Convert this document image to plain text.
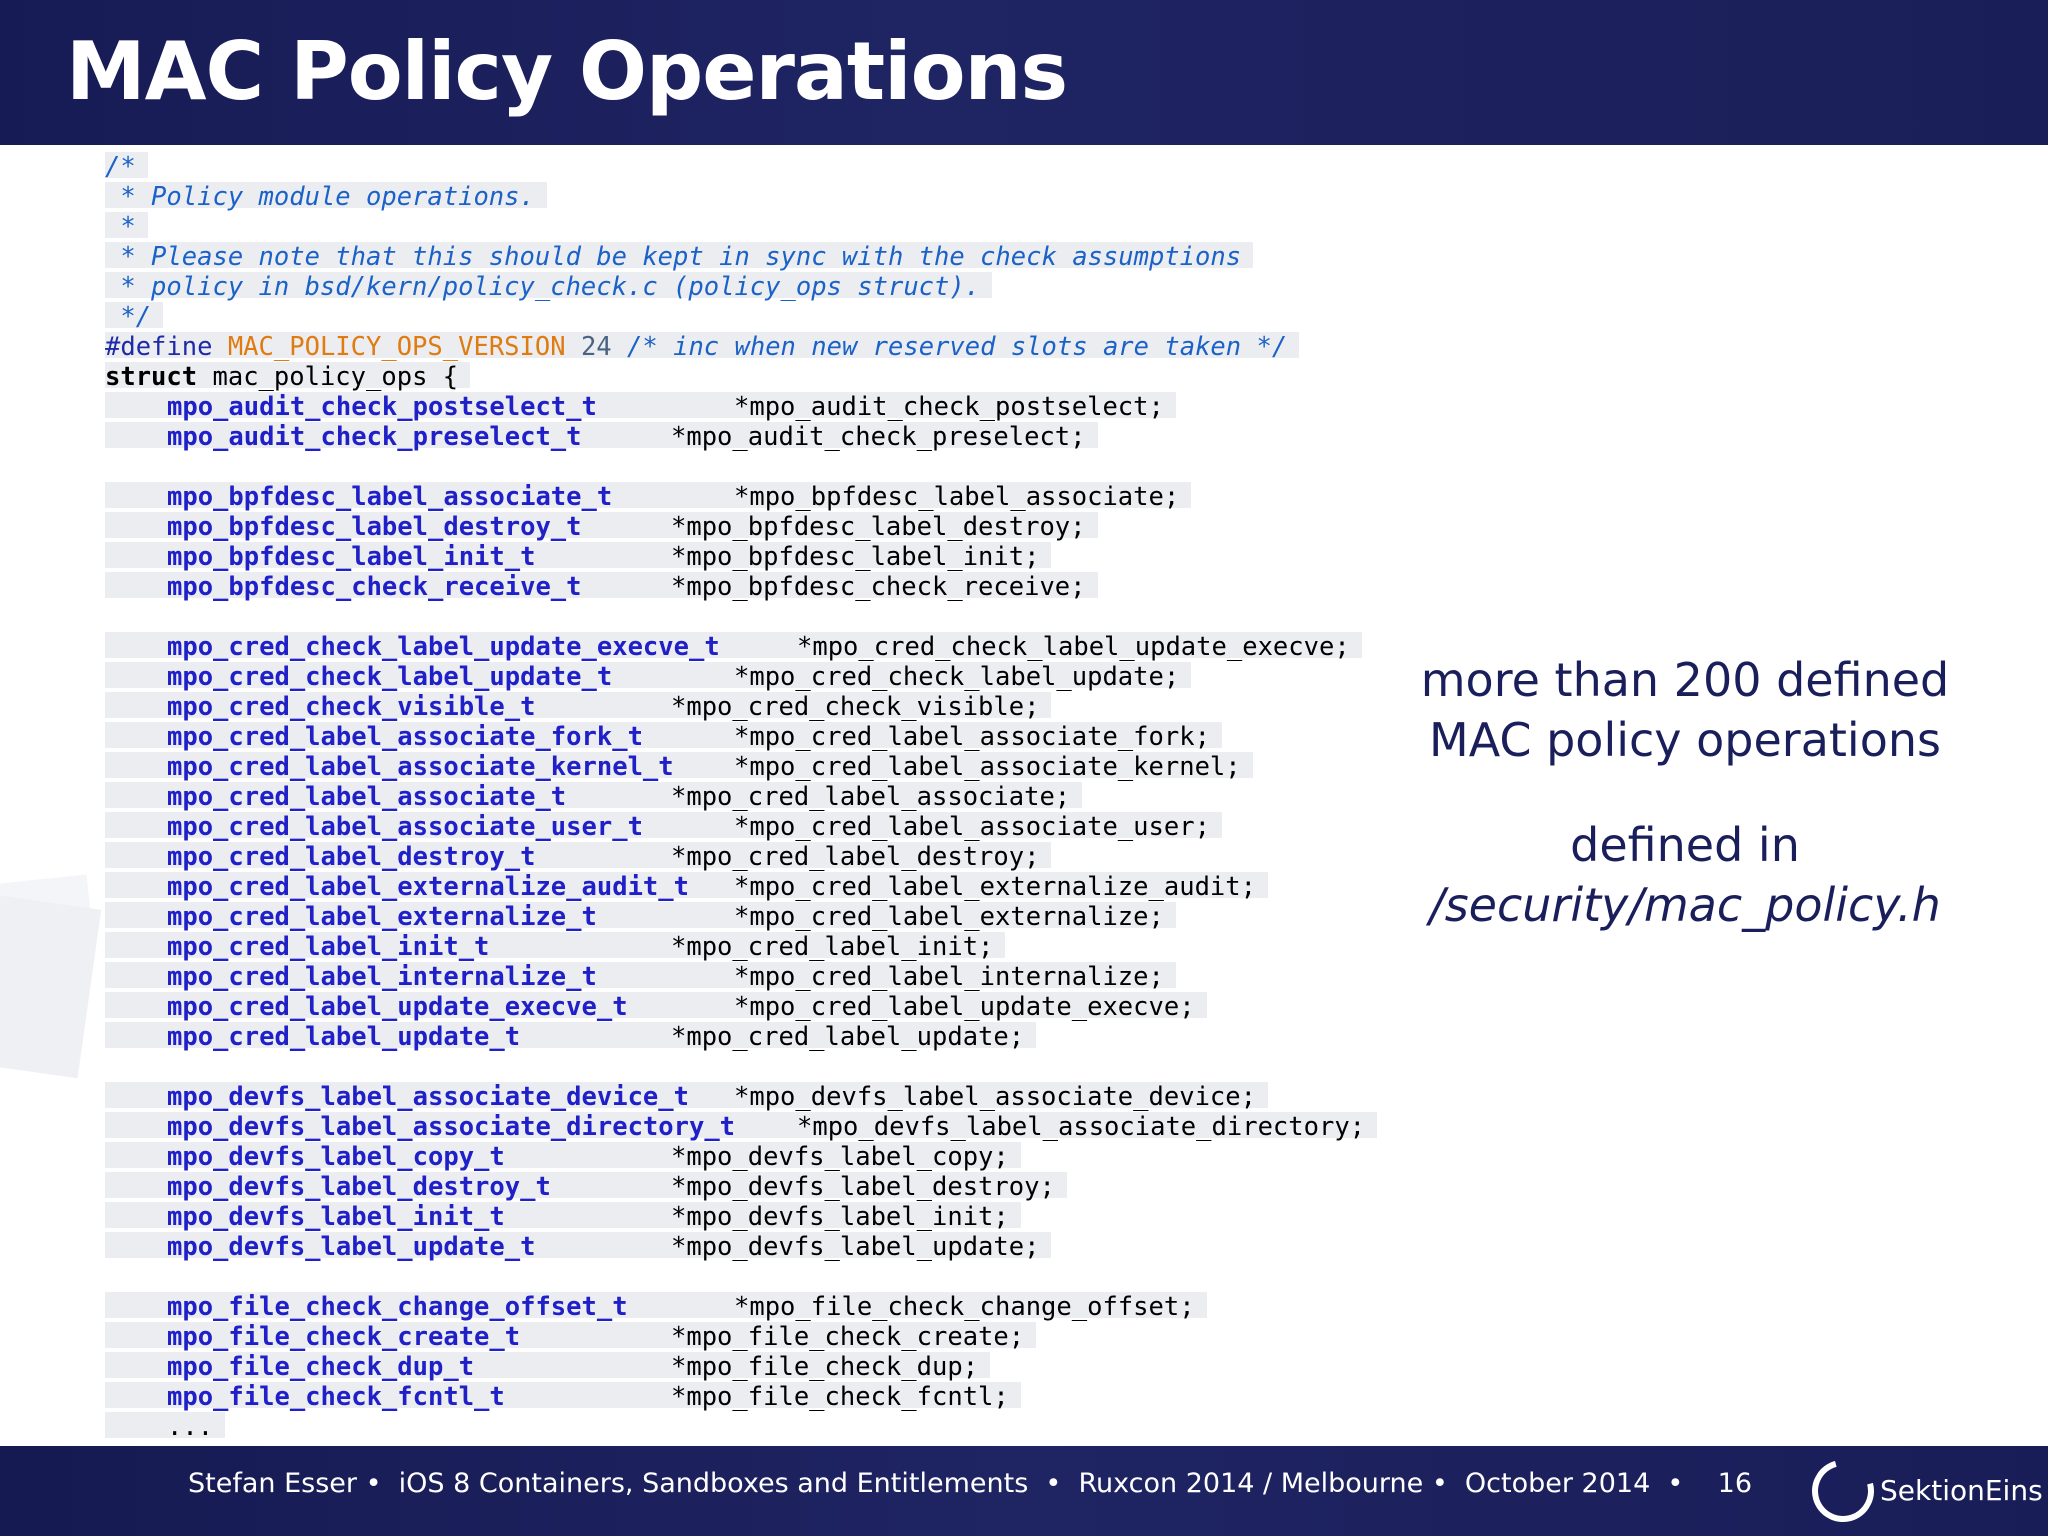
MAC Policy Operations
/*
* Policy module operations.
*
* Please note that this should be kept in sync with the check assumptions
* policy in bsd/kern/policy_check.c (policy_ops struct).
*/
#define MAC_POLICY_OPS_VERSION 24 /* inc when new reserved slots are taken */
struct mac_policy_ops {
mpo_audit_check_postselect_t	*mpo_audit_check_postselect;
mpo_audit_check_preselect_t	*mpo_audit_check_preselect;
mpo_bpfdesc_label_associate_t	*mpo_bpfdesc_label_associate;
mpo_bpfdesc_label_destroy_t	*mpo_bpfdesc_label_destroy;
mpo_bpfdesc_label_init_t	*mpo_bpfdesc_label_init;
mpo_bpfdesc_check_receive_t	*mpo_bpfdesc_check_receive;
mpo_cred_check_label_update_execve_t	*mpo_cred_check_label_update_execve;
mpo_cred_check_label_update_t	*mpo_cred_check_label_update;
mpo_cred_check_visible_t	*mpo_cred_check_visible;
mpo_cred_label_associate_fork_t	*mpo_cred_label_associate_fork;
mpo_cred_label_associate_kernel_t *mpo_cred_label_associate_kernel;
mpo_cred_label_associate_t	*mpo_cred_label_associate;
mpo_cred_label_associate_user_t	*mpo_cred_label_associate_user;
mpo_cred_label_destroy_t	*mpo_cred_label_destroy;
mpo_cred_label_externalize_audit_t *mpo_cred_label_externalize_audit;
mpo_cred_label_externalize_t	*mpo_cred_label_externalize;
mpo_cred_label_init_t	*mpo_cred_label_init;
mpo_cred_label_internalize_t	*mpo_cred_label_internalize;
mpo_cred_label_update_execve_t	*mpo_cred_label_update_execve;
mpo_cred_label_update_t	*mpo_cred_label_update;
mpo_devfs_label_associate_device_t *mpo_devfs_label_associate_device;
mpo_devfs_label_associate_directory_t *mpo_devfs_label_associate_directory;
mpo_devfs_label_copy_t	*mpo_devfs_label_copy;
mpo_devfs_label_destroy_t	*mpo_devfs_label_destroy;
mpo_devfs_label_init_t	*mpo_devfs_label_init;
mpo_devfs_label_update_t	*mpo_devfs_label_update;
mpo_file_check_change_offset_t	*mpo_file_check_change_offset;
mpo_file_check_create_t	*mpo_file_check_create;
mpo_file_check_dup_t	*mpo_file_check_dup;
mpo_file_check_fcntl_t	*mpo_file_check_fcntl;
...
more than 200 defined
MAC policy operations
defined in
/security/mac_policy.h
Stefan Esser •  iOS 8 Containers, Sandboxes and Entitlements  •  Ruxcon 2014 / Melbourne •  October 2014  •    16	SektionEins
